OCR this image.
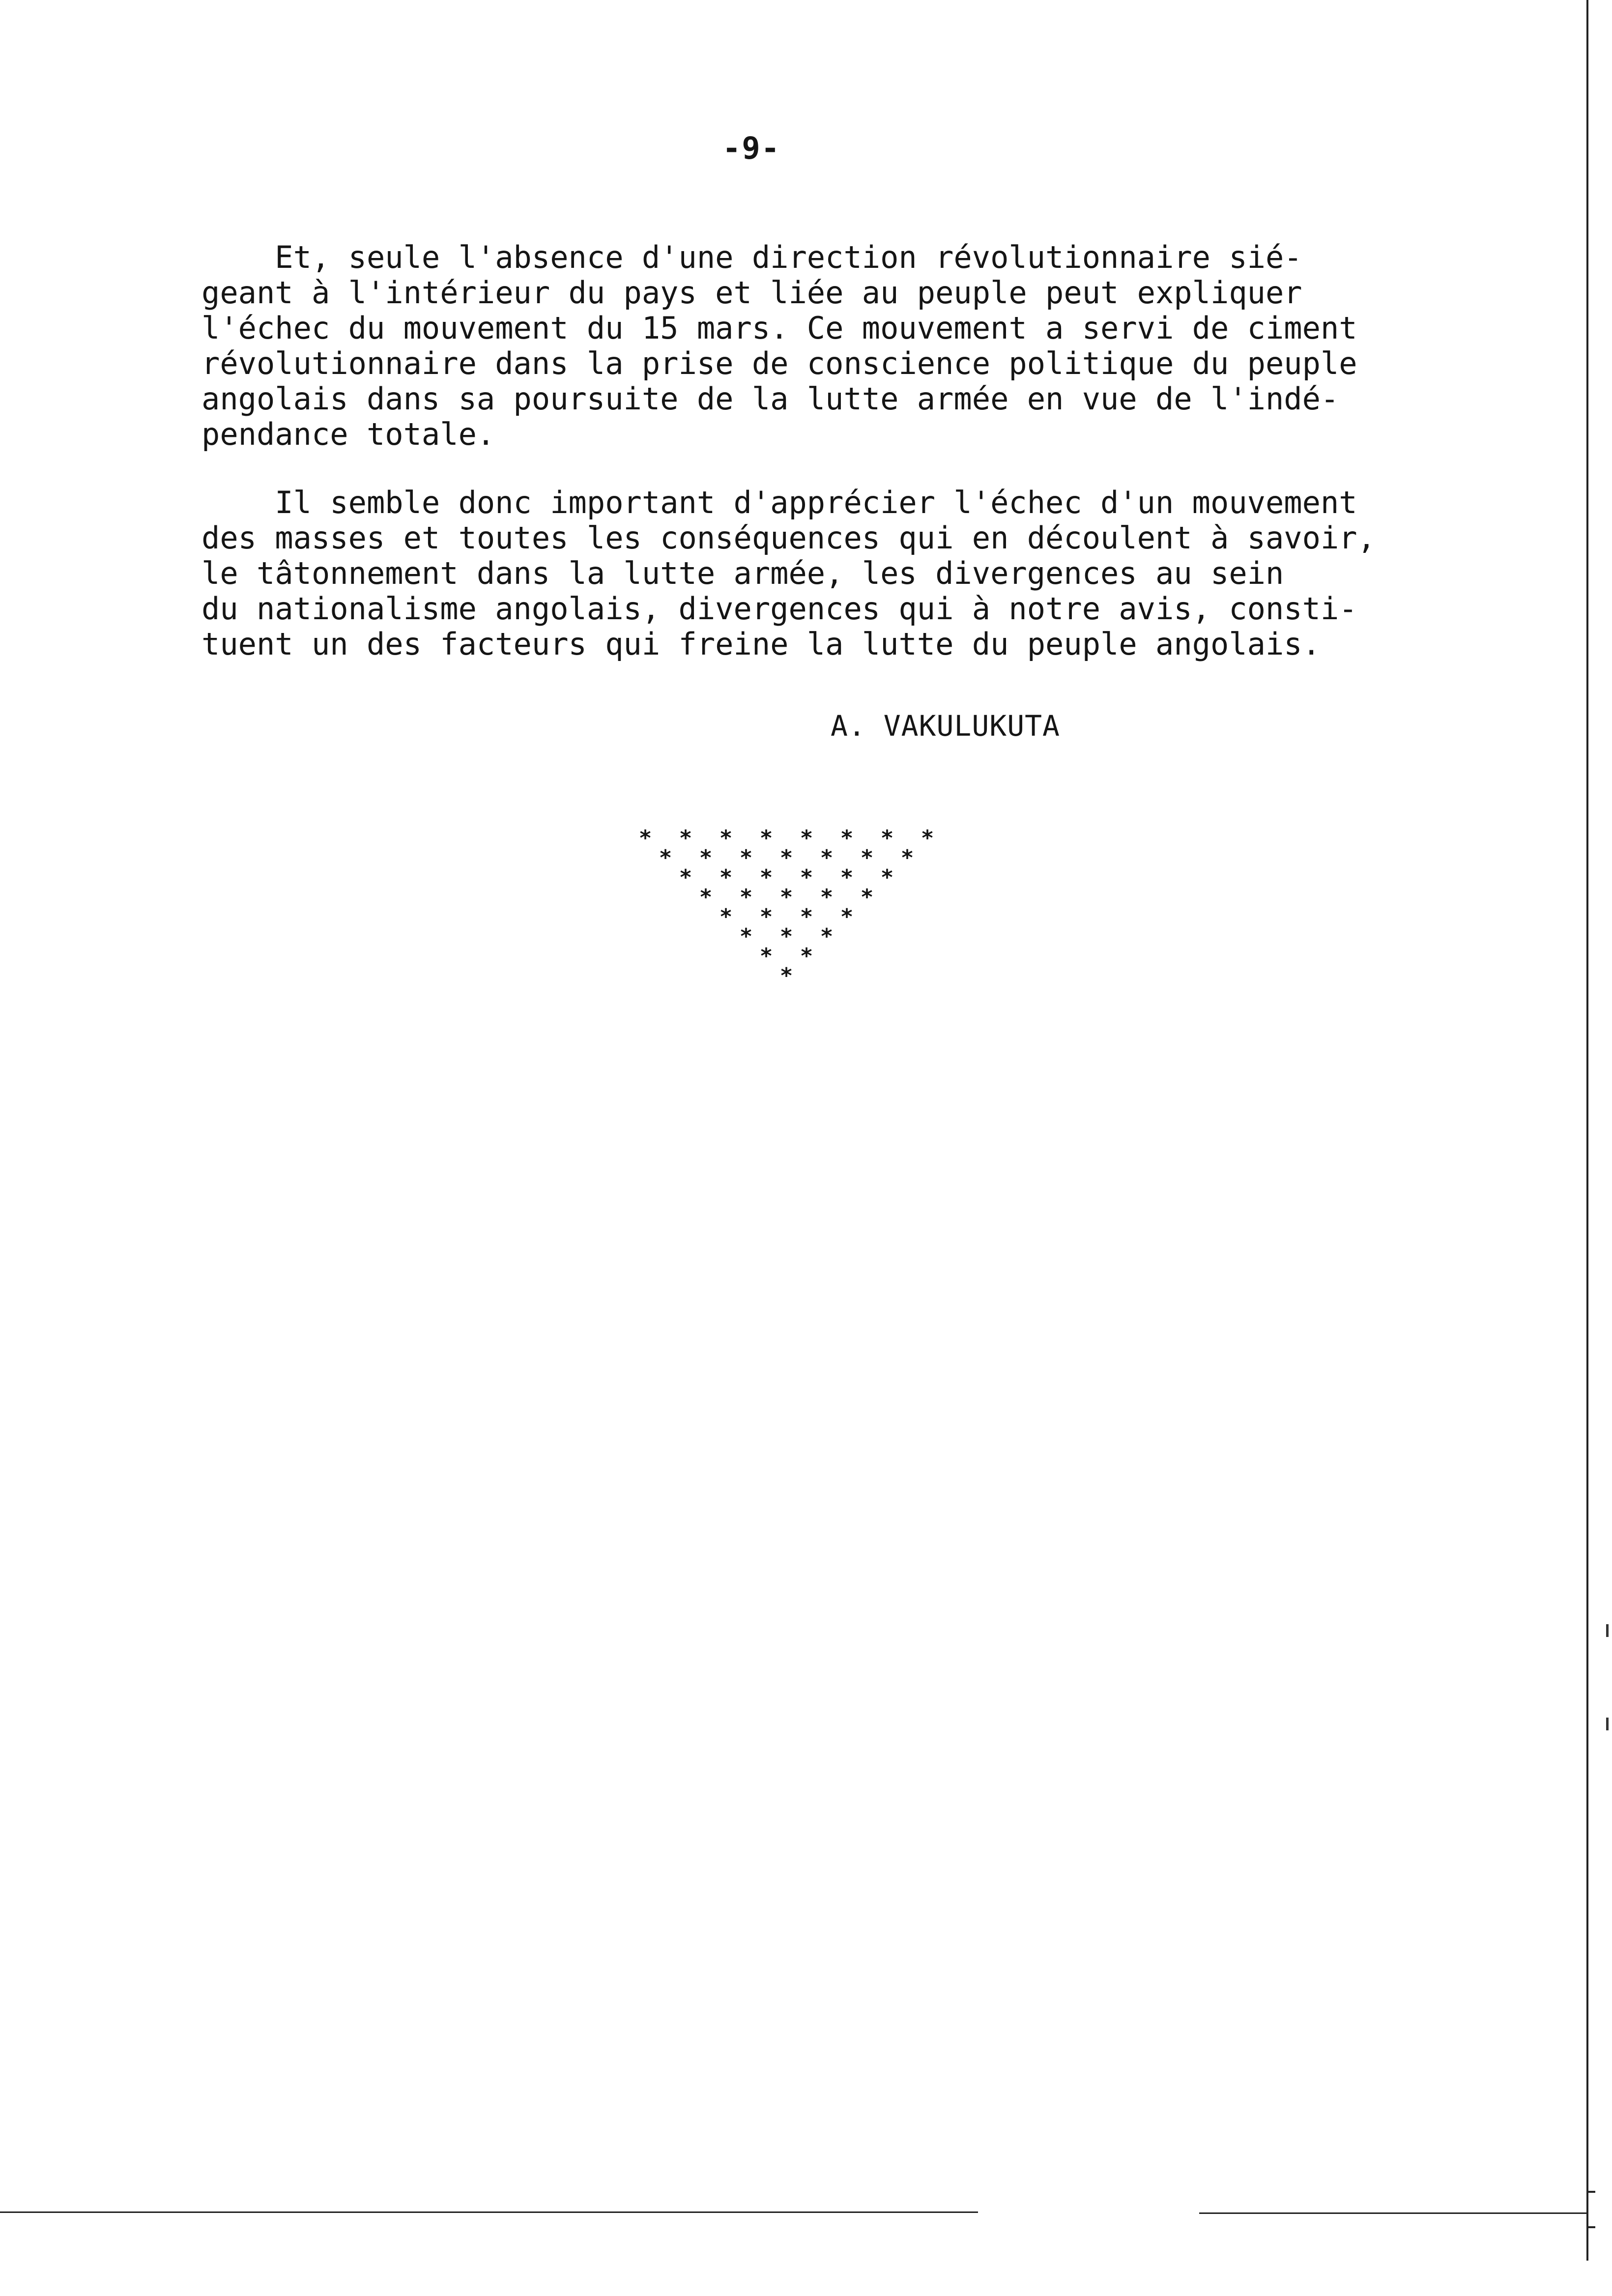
-9-
Et, seule l'absence d'une direction révolutionnaire sié-
geant à l'intérieur du pays et liée au peuple peut expliquer
l'échec du mouvement du 15 mars. Ce mouvement a servi de ciment
révolutionnaire dans la prise de conscience politique du peuple
angolais dans sa poursuite de la lutte armée en vue de l'indé-
pendance totale.
Il semble donc important d'apprécier l'échec d'un mouvement
des masses et toutes les conséquences qui en découlent à savoir,
le tâtonnement dans la lutte armée, les divergences au sein
du nationalisme angolais, divergences qui à notre avis, consti-
tuent un des facteurs qui freine la lutte du peuple angolais.
A. VAKULUKUTA
* * * * * * * *
* * * * * * *
* * * * * *
* * * * *
* * * *
* * *
* *
*
